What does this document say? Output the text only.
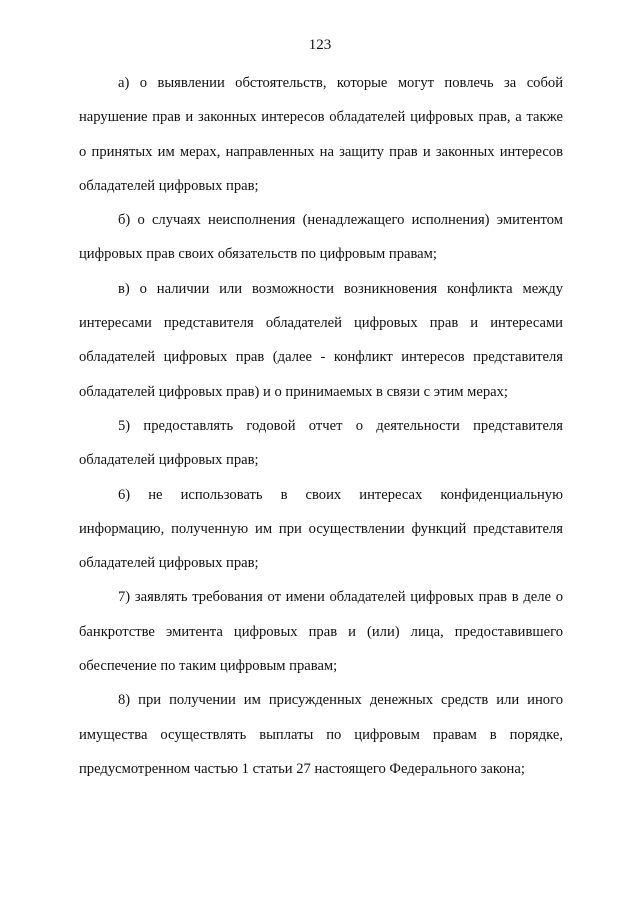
123

а) о выявлении обстоятельств, которые могут повлечь за собой нарушение прав и законных интересов обладателей цифровых прав, а также о принятых им мерах, направленных на защиту прав и законных интересов обладателей цифровых прав;

б) о случаях неисполнения (ненадлежащего исполнения) эмитентом цифровых прав своих обязательств по цифровым правам;

в) о наличии или возможности возникновения конфликта между интересами представителя обладателей цифровых прав и интересами обладателей цифровых прав (далее - конфликт интересов представителя обладателей цифровых прав) и о принимаемых в связи с этим мерах;

5) предоставлять годовой отчет о деятельности представителя обладателей цифровых прав;

6) не использовать в своих интересах конфиденциальную информацию, полученную им при осуществлении функций представителя обладателей цифровых прав;

7) заявлять требования от имени обладателей цифровых прав в деле о банкротстве эмитента цифровых прав и (или) лица, предоставившего обеспечение по таким цифровым правам;

8) при получении им присужденных денежных средств или иного имущества осуществлять выплаты по цифровым правам в порядке, предусмотренном частью 1 статьи 27 настоящего Федерального закона;
